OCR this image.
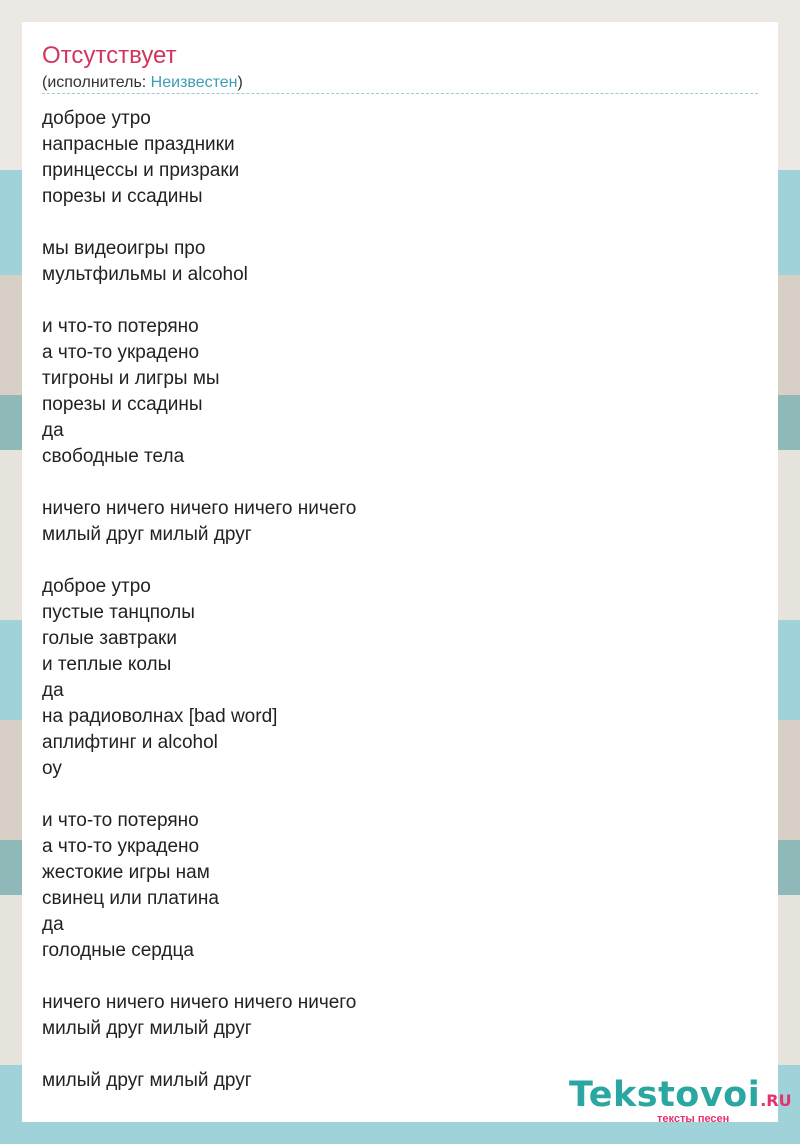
Отсутствует
(исполнитель: Неизвестен)
доброе утро
напрасные праздники
принцессы и призраки
порезы и ссадины
мы видеоигры про
мультфильмы и alcohol
и что-то потеряно
а что-то украдено
тигроны и лигры мы
порезы и ссадины
да
свободные тела
ничего ничего ничего ничего ничего
милый друг милый друг
доброе утро
пустые танцполы
голые завтраки
и теплые колы
да
на радиоволнах [bad word]
аплифтинг и alcohol
оу
и что-то потеряно
а что-то украдено
жестокие игры нам
свинец или платина
да
голодные сердца
ничего ничего ничего ничего ничего
милый друг милый друг
милый друг милый друг	Tekstovoi.RU
тексты песен
